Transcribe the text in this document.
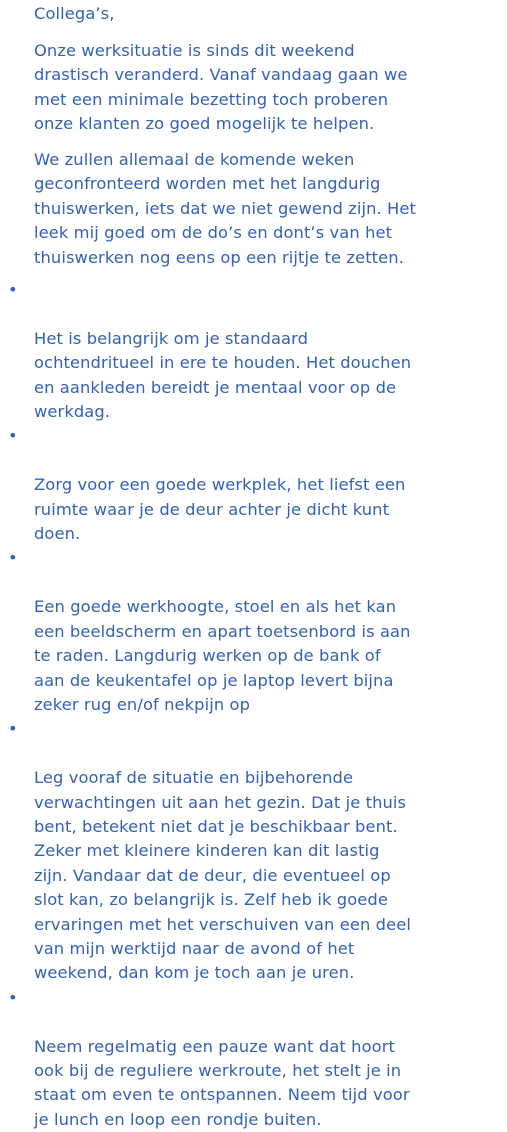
Collega’s,

Onze werksituatie is sinds dit weekend
drastisch veranderd. Vanaf vandaag gaan we
met een minimale bezetting toch proberen
onze klanten zo goed mogelijk te helpen.

We zullen allemaal de komende weken
geconfronteerd worden met het langdurig
thuiswerken, iets dat we niet gewend zijn. Het
leek mij goed om de do’s en dont’s van het
thuiswerken nog eens op een rijtje te zetten.

•

Het is belangrijk om je standaard
ochtendritueel in ere te houden. Het douchen
en aankleden bereidt je mentaal voor op de
werkdag.

•

Zorg voor een goede werkplek, het liefst een
ruimte waar je de deur achter je dicht kunt
doen.

•

Een goede werkhoogte, stoel en als het kan
een beeldscherm en apart toetsenbord is aan
te raden. Langdurig werken op de bank of
aan de keukentafel op je laptop levert bijna
zeker rug en/of nekpijn op

•

Leg vooraf de situatie en bijbehorende
verwachtingen uit aan het gezin. Dat je thuis
bent, betekent niet dat je beschikbaar bent.
Zeker met kleinere kinderen kan dit lastig
zijn. Vandaar dat de deur, die eventueel op
slot kan, zo belangrijk is. Zelf heb ik goede
ervaringen met het verschuiven van een deel
van mijn werktijd naar de avond of het
weekend, dan kom je toch aan je uren.

•

Neem regelmatig een pauze want dat hoort
ook bij de reguliere werkroute, het stelt je in
staat om even te ontspannen. Neem tijd voor
je lunch en loop een rondje buiten.
